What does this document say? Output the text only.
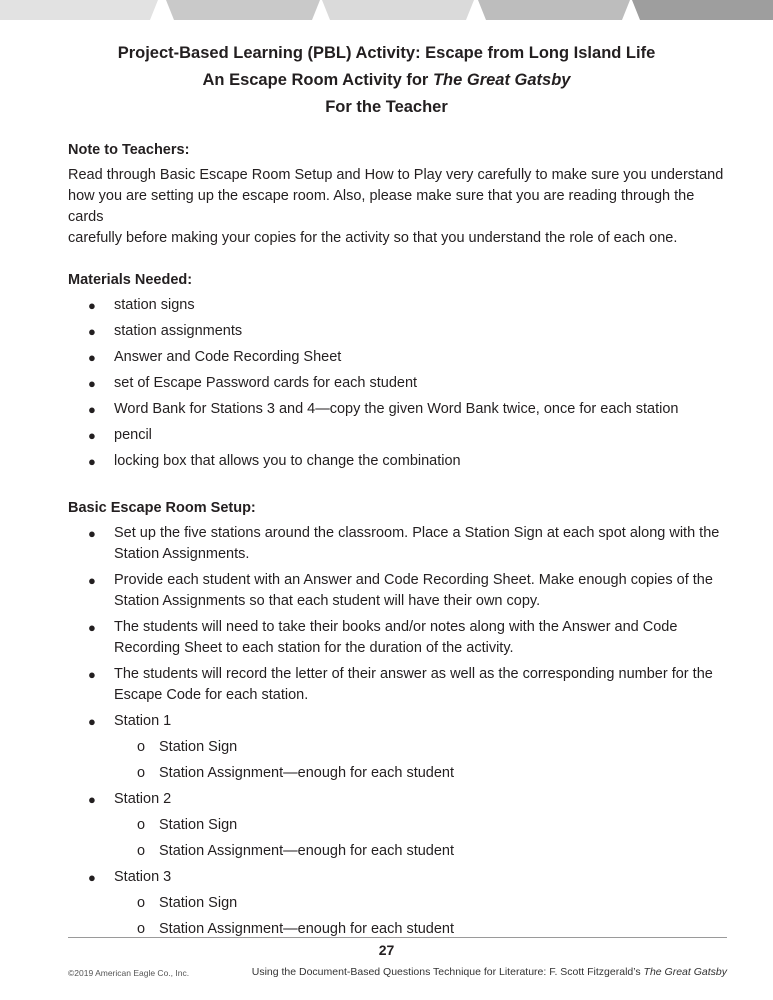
Project-Based Learning (PBL) Activity: Escape from Long Island Life
An Escape Room Activity for The Great Gatsby
For the Teacher

Note to Teachers:

Read through Basic Escape Room Setup and How to Play very carefully to make sure you understand
how you are setting up the escape room. Also, please make sure that you are reading through the cards
carefully before making your copies for the activity so that you understand the role of each one.

Materials Needed:

● station signs
● station assignments
● Answer and Code Recording Sheet
● set of Escape Password cards for each student
● Word Bank for Stations 3 and 4—copy the given Word Bank twice, once for each station
● pencil
● locking box that allows you to change the combination

Basic Escape Room Setup:

● Set up the five stations around the classroom. Place a Station Sign at each spot along with the
Station Assignments.
● Provide each student with an Answer and Code Recording Sheet. Make enough copies of the
Station Assignments so that each student will have their own copy.
● The students will need to take their books and/or notes along with the Answer and Code
Recording Sheet to each station for the duration of the activity.
● The students will record the letter of their answer as well as the corresponding number for the
Escape Code for each station.
● Station 1
o Station Sign
o Station Assignment—enough for each student
● Station 2
o Station Sign
o Station Assignment—enough for each student
● Station 3
o Station Sign
o Station Assignment—enough for each student
27
©2019 American Eagle Co., Inc.	Using the Document-Based Questions Technique for Literature: F. Scott Fitzgerald’s The Great Gatsby
